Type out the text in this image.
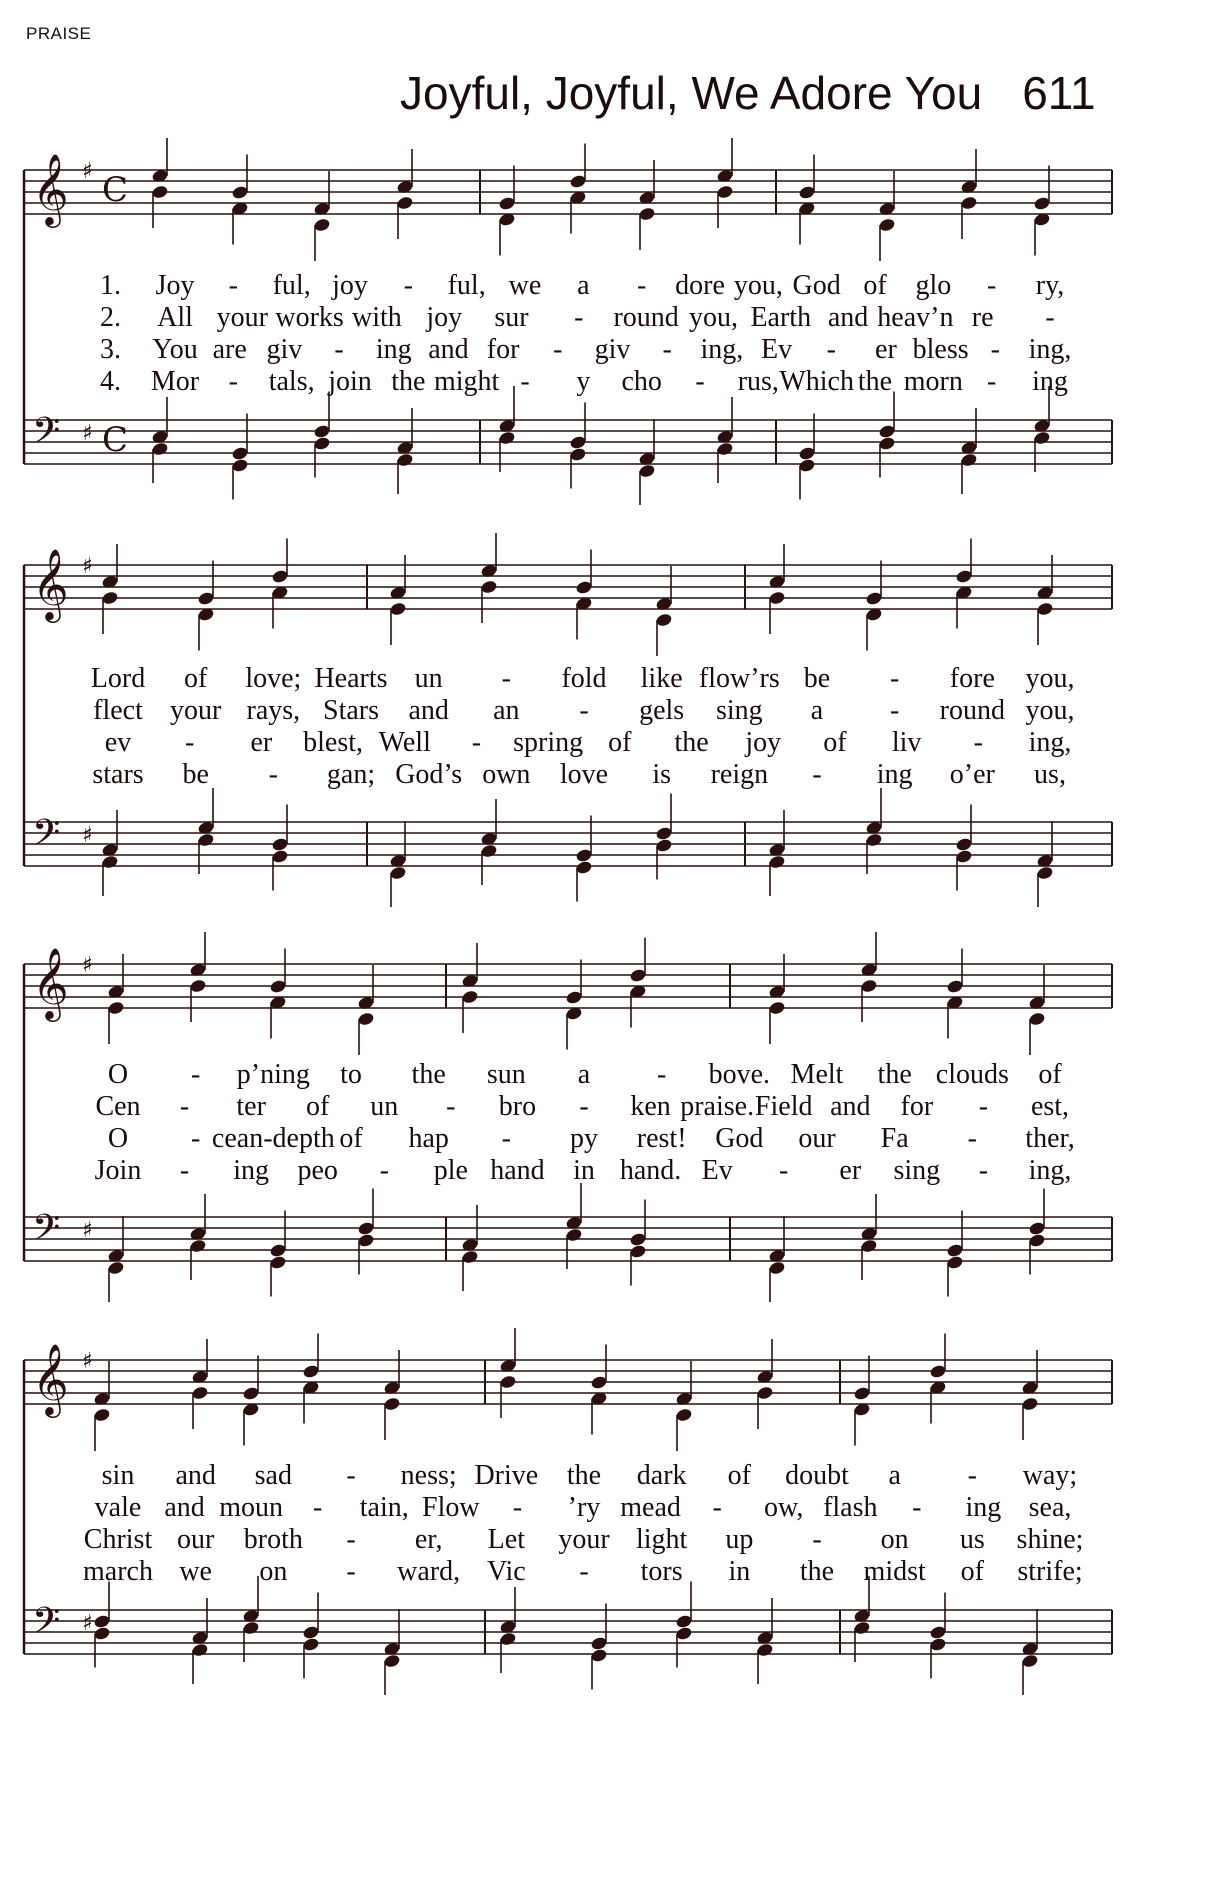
PRAISE
Joyful, Joyful, We Adore You 611
𝄞 ♯ C
𝄢 ♯ C
1. Joy - ful, joy - ful, we a - dore you, God of glo - ry,
2. All your works with joy sur - round you, Earth and heav’n re -
3. You are giv - ing and for - giv - ing, Ev - er bless - ing,
4. Mor - tals, join the might - y cho - rus, Which the morn - ing
𝄞 ♯
𝄢 ♯
Lord of love; Hearts un - fold like flow’rs be - fore you,
flect your rays, Stars and an - gels sing a - round you,
ev - er blest, Well - spring of the joy of liv - ing,
stars be - gan; God’s own love is reign - ing o’er us,
𝄞 ♯
𝄢 ♯
O - p’ning to the sun a - bove. Melt the clouds of
Cen - ter of un - bro - ken praise. Field and for - est,
O - cean-depth of hap - py rest! God our Fa - ther,
Join - ing peo - ple hand in hand. Ev - er sing - ing,
𝄞 ♯
𝄢 ♯
sin and sad - ness; Drive the dark of doubt a - way;
vale and moun - tain, Flow - ’ry mead - ow, flash - ing sea,
Christ our broth - er, Let your light up - on us shine;
march we on - ward, Vic - tors in the midst of strife;
